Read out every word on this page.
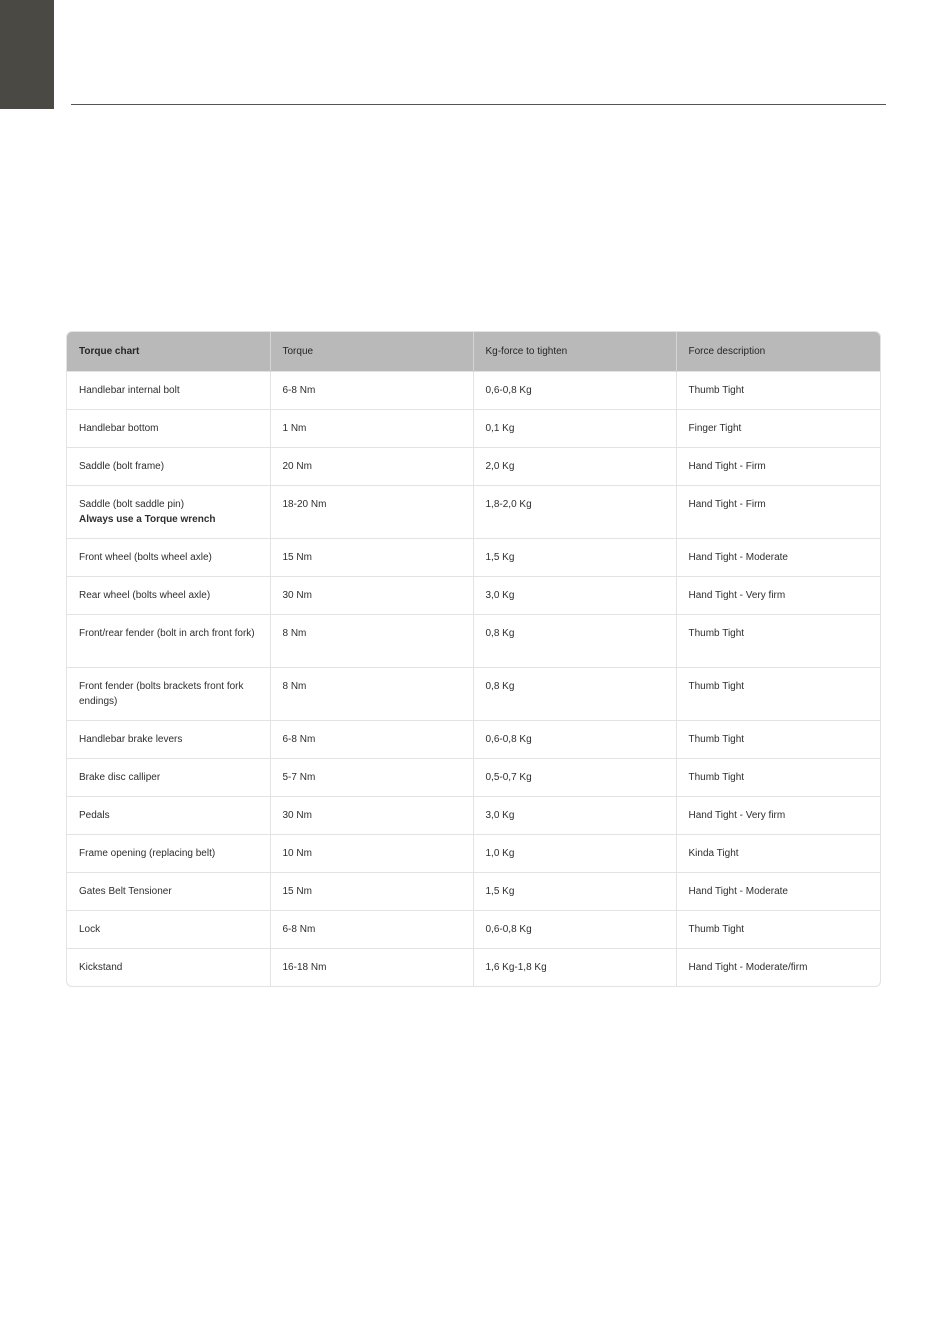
Torque chart	Torque	Kg-force to tighten	Force description
Handlebar internal bolt	6-8 Nm	0,6-0,8 Kg	Thumb Tight
Handlebar bottom	1 Nm	0,1 Kg	Finger Tight
Saddle (bolt frame)	20 Nm	2,0 Kg	Hand Tight - Firm
Saddle (bolt saddle pin)
Always use a Torque wrench	18-20 Nm	1,8-2,0 Kg	Hand Tight - Firm
Front wheel (bolts wheel axle)	15 Nm	1,5 Kg	Hand Tight - Moderate
Rear wheel (bolts wheel axle)	30 Nm	3,0 Kg	Hand Tight - Very firm
Front/rear fender (bolt in arch front fork)	8 Nm	0,8 Kg	Thumb Tight
Front fender (bolts brackets front fork endings)	8 Nm	0,8 Kg	Thumb Tight
Handlebar brake levers	6-8 Nm	0,6-0,8 Kg	Thumb Tight
Brake disc calliper	5-7 Nm	0,5-0,7 Kg	Thumb Tight
Pedals	30 Nm	3,0 Kg	Hand Tight - Very firm
Frame opening (replacing belt)	10 Nm	1,0 Kg	Kinda Tight
Gates Belt Tensioner	15 Nm	1,5 Kg	Hand Tight - Moderate
Lock	6-8 Nm	0,6-0,8 Kg	Thumb Tight
Kickstand	16-18 Nm	1,6 Kg-1,8 Kg	Hand Tight - Moderate/firm
